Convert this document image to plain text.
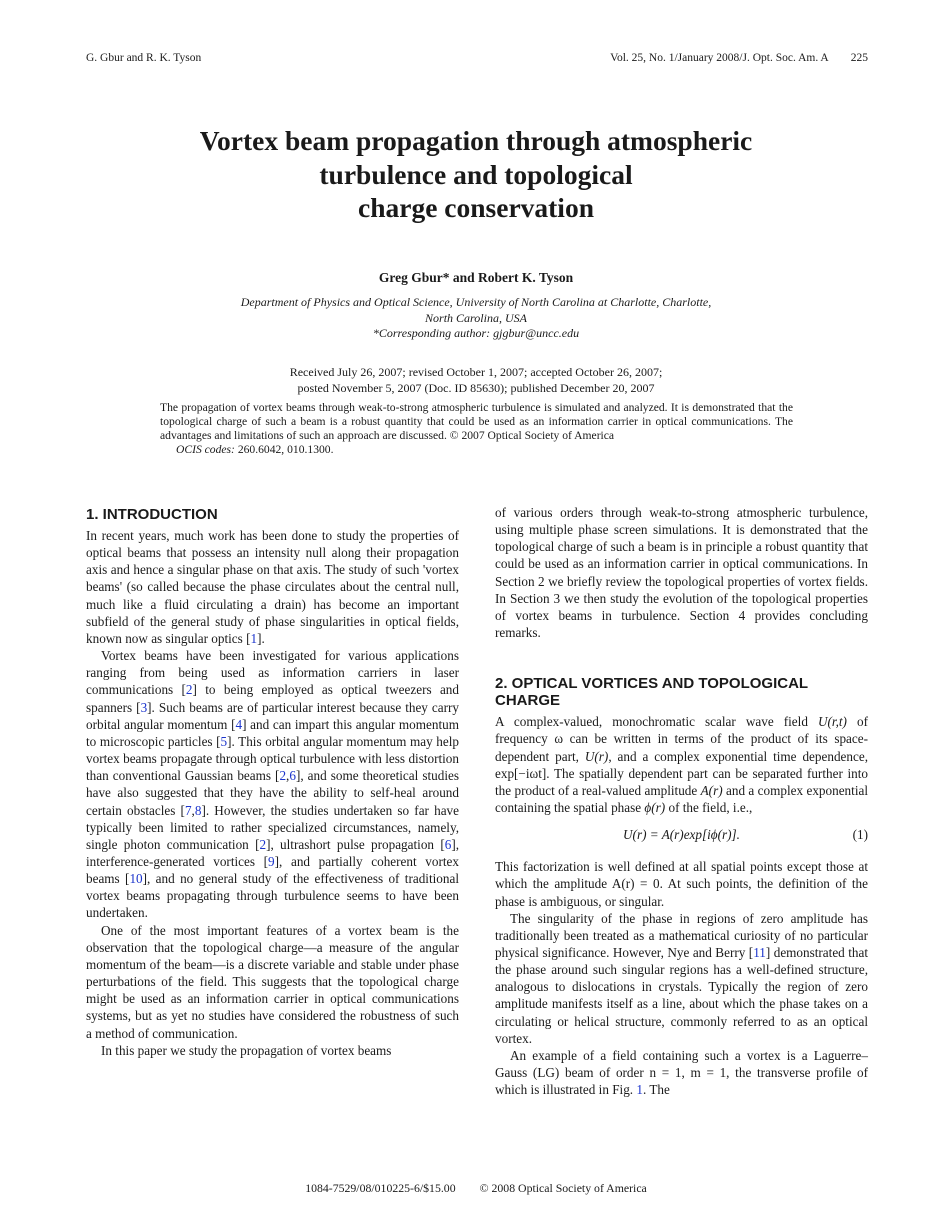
G. Gbur and R. K. Tyson	Vol. 25, No. 1/January 2008/J. Opt. Soc. Am. A 225
Vortex beam propagation through atmospheric
turbulence and topological
charge conservation
Greg Gbur* and Robert K. Tyson
Department of Physics and Optical Science, University of North Carolina at Charlotte, Charlotte,
North Carolina, USA
*Corresponding author: gjgbur@uncc.edu
Received July 26, 2007; revised October 1, 2007; accepted October 26, 2007;
posted November 5, 2007 (Doc. ID 85630); published December 20, 2007
The propagation of vortex beams through weak-to-strong atmospheric turbulence is simulated and analyzed. It is demonstrated that the topological charge of such a beam is a robust quantity that could be used as an information carrier in optical communications. The advantages and limitations of such an approach are discussed. © 2007 Optical Society of America
OCIS codes: 260.6042, 010.1300.
1. INTRODUCTION

In recent years, much work has been done to study the properties of optical beams that possess an intensity null along their propagation axis and hence a singular phase on that axis. The study of such 'vortex beams' (so called because the phase circulates about the central null, much like a fluid circulating a drain) has become an important subfield of the general study of phase singularities in optical fields, known now as singular optics [1].

Vortex beams have been investigated for various applications ranging from being used as information carriers in laser communications [2] to being employed as optical tweezers and spanners [3]. Such beams are of particular interest because they carry orbital angular momentum [4] and can impart this angular momentum to microscopic particles [5]. This orbital angular momentum may help vortex beams propagate through optical turbulence with less distortion than conventional Gaussian beams [2,6], and some theoretical studies have also suggested that they have the ability to self-heal around certain obstacles [7,8]. However, the studies undertaken so far have typically been limited to rather specialized circumstances, namely, single photon communication [2], ultrashort pulse propagation [6], interference-generated vortices [9], and partially coherent vortex beams [10], and no general study of the effectiveness of traditional vortex beams propagating through turbulence seems to have been undertaken.

One of the most important features of a vortex beam is the observation that the topological charge—a measure of the angular momentum of the beam—is a discrete variable and stable under phase perturbations of the field. This suggests that the topological charge might be used as an information carrier in optical communications systems, but as yet no studies have considered the robustness of such a method of communication.

In this paper we study the propagation of vortex beams

of various orders through weak-to-strong atmospheric turbulence, using multiple phase screen simulations. It is demonstrated that the topological charge of such a beam is in principle a robust quantity that could be used as an information carrier in optical communications. In Section 2 we briefly review the topological properties of vortex fields. In Section 3 we then study the evolution of the topological properties of vortex beams in turbulence. Section 4 provides concluding remarks.

2. OPTICAL VORTICES AND TOPOLOGICAL CHARGE

A complex-valued, monochromatic scalar wave field U(r,t) of frequency ω can be written in terms of the product of its space-dependent part, U(r), and a complex exponential time dependence, exp[−iωt]. The spatially dependent part can be separated further into the product of a real-valued amplitude A(r) and a complex exponential containing the spatial phase ϕ(r) of the field, i.e.,

U(r) = A(r)exp[iϕ(r)].	(1)

This factorization is well defined at all spatial points except those at which the amplitude A(r) = 0. At such points, the definition of the phase is ambiguous, or singular.

The singularity of the phase in regions of zero amplitude has traditionally been treated as a mathematical curiosity of no particular physical significance. However, Nye and Berry [11] demonstrated that the phase around such singular regions has a well-defined structure, analogous to dislocations in crystals. Typically the region of zero amplitude manifests itself as a line, about which the phase takes on a circulating or helical structure, commonly referred to as an optical vortex.

An example of a field containing such a vortex is a Laguerre–Gauss (LG) beam of order n = 1, m = 1, the transverse profile of which is illustrated in Fig. 1. The

1084-7529/08/010225-6/$15.00 © 2008 Optical Society of America
